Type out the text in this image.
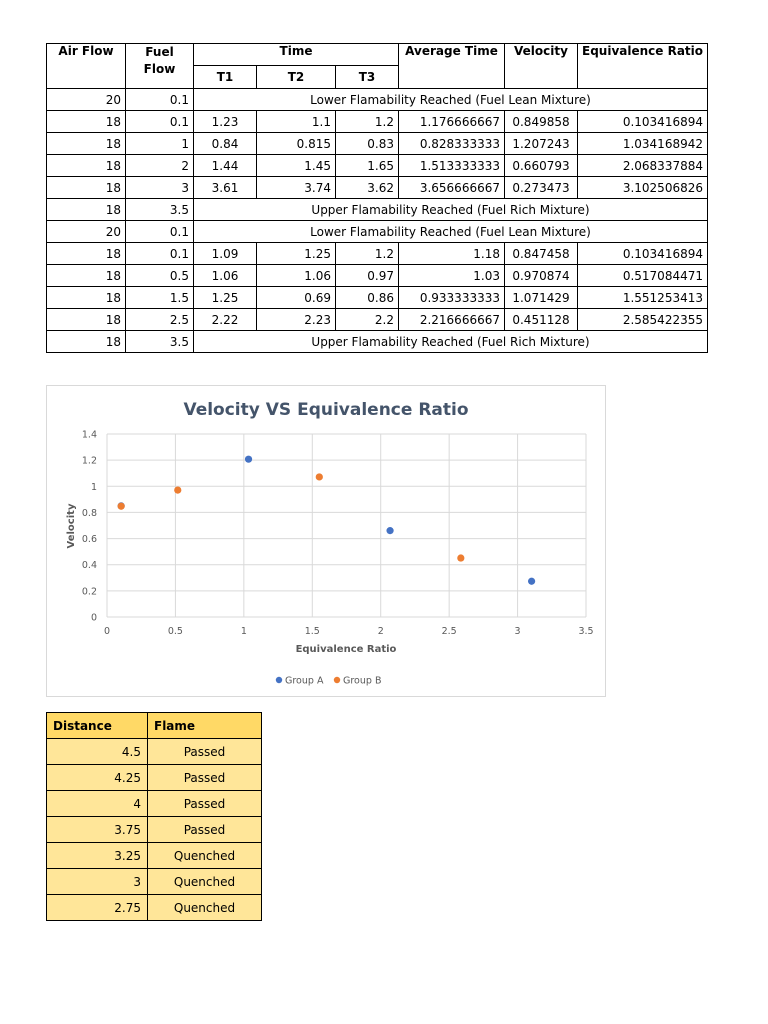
Air Flow	Fuel Flow	Time			Average Time	Velocity	Equivalence Ratio
		T1	T2	T3			
20	0.1	Lower Flamability Reached (Fuel Lean Mixture)					
18	0.1	1.23	1.1	1.2	1.176666667	0.849858	0.103416894
18	1	0.84	0.815	0.83	0.828333333	1.207243	1.034168942
18	2	1.44	1.45	1.65	1.513333333	0.660793	2.068337884
18	3	3.61	3.74	3.62	3.656666667	0.273473	3.102506826
18	3.5	Upper Flamability Reached (Fuel Rich Mixture)					
20	0.1	Lower Flamability Reached (Fuel Lean Mixture)					
18	0.1	1.09	1.25	1.2	1.18	0.847458	0.103416894
18	0.5	1.06	1.06	0.97	1.03	0.970874	0.517084471
18	1.5	1.25	0.69	0.86	0.933333333	1.071429	1.551253413
18	2.5	2.22	2.23	2.2	2.216666667	0.451128	2.585422355
18	3.5	Upper Flamability Reached (Fuel Rich Mixture)					
Velocity VS Equivalence Ratio
0
0.2
0.4
0.6
0.8
1
1.2
1.4
0	0.5	1	1.5	2	2.5	3	3.5
Equivalence Ratio
Velocity
Group A Group B
Distance	Flame
4.5	Passed
4.25	Passed
4	Passed
3.75	Passed
3.25	Quenched
3	Quenched
2.75	Quenched
